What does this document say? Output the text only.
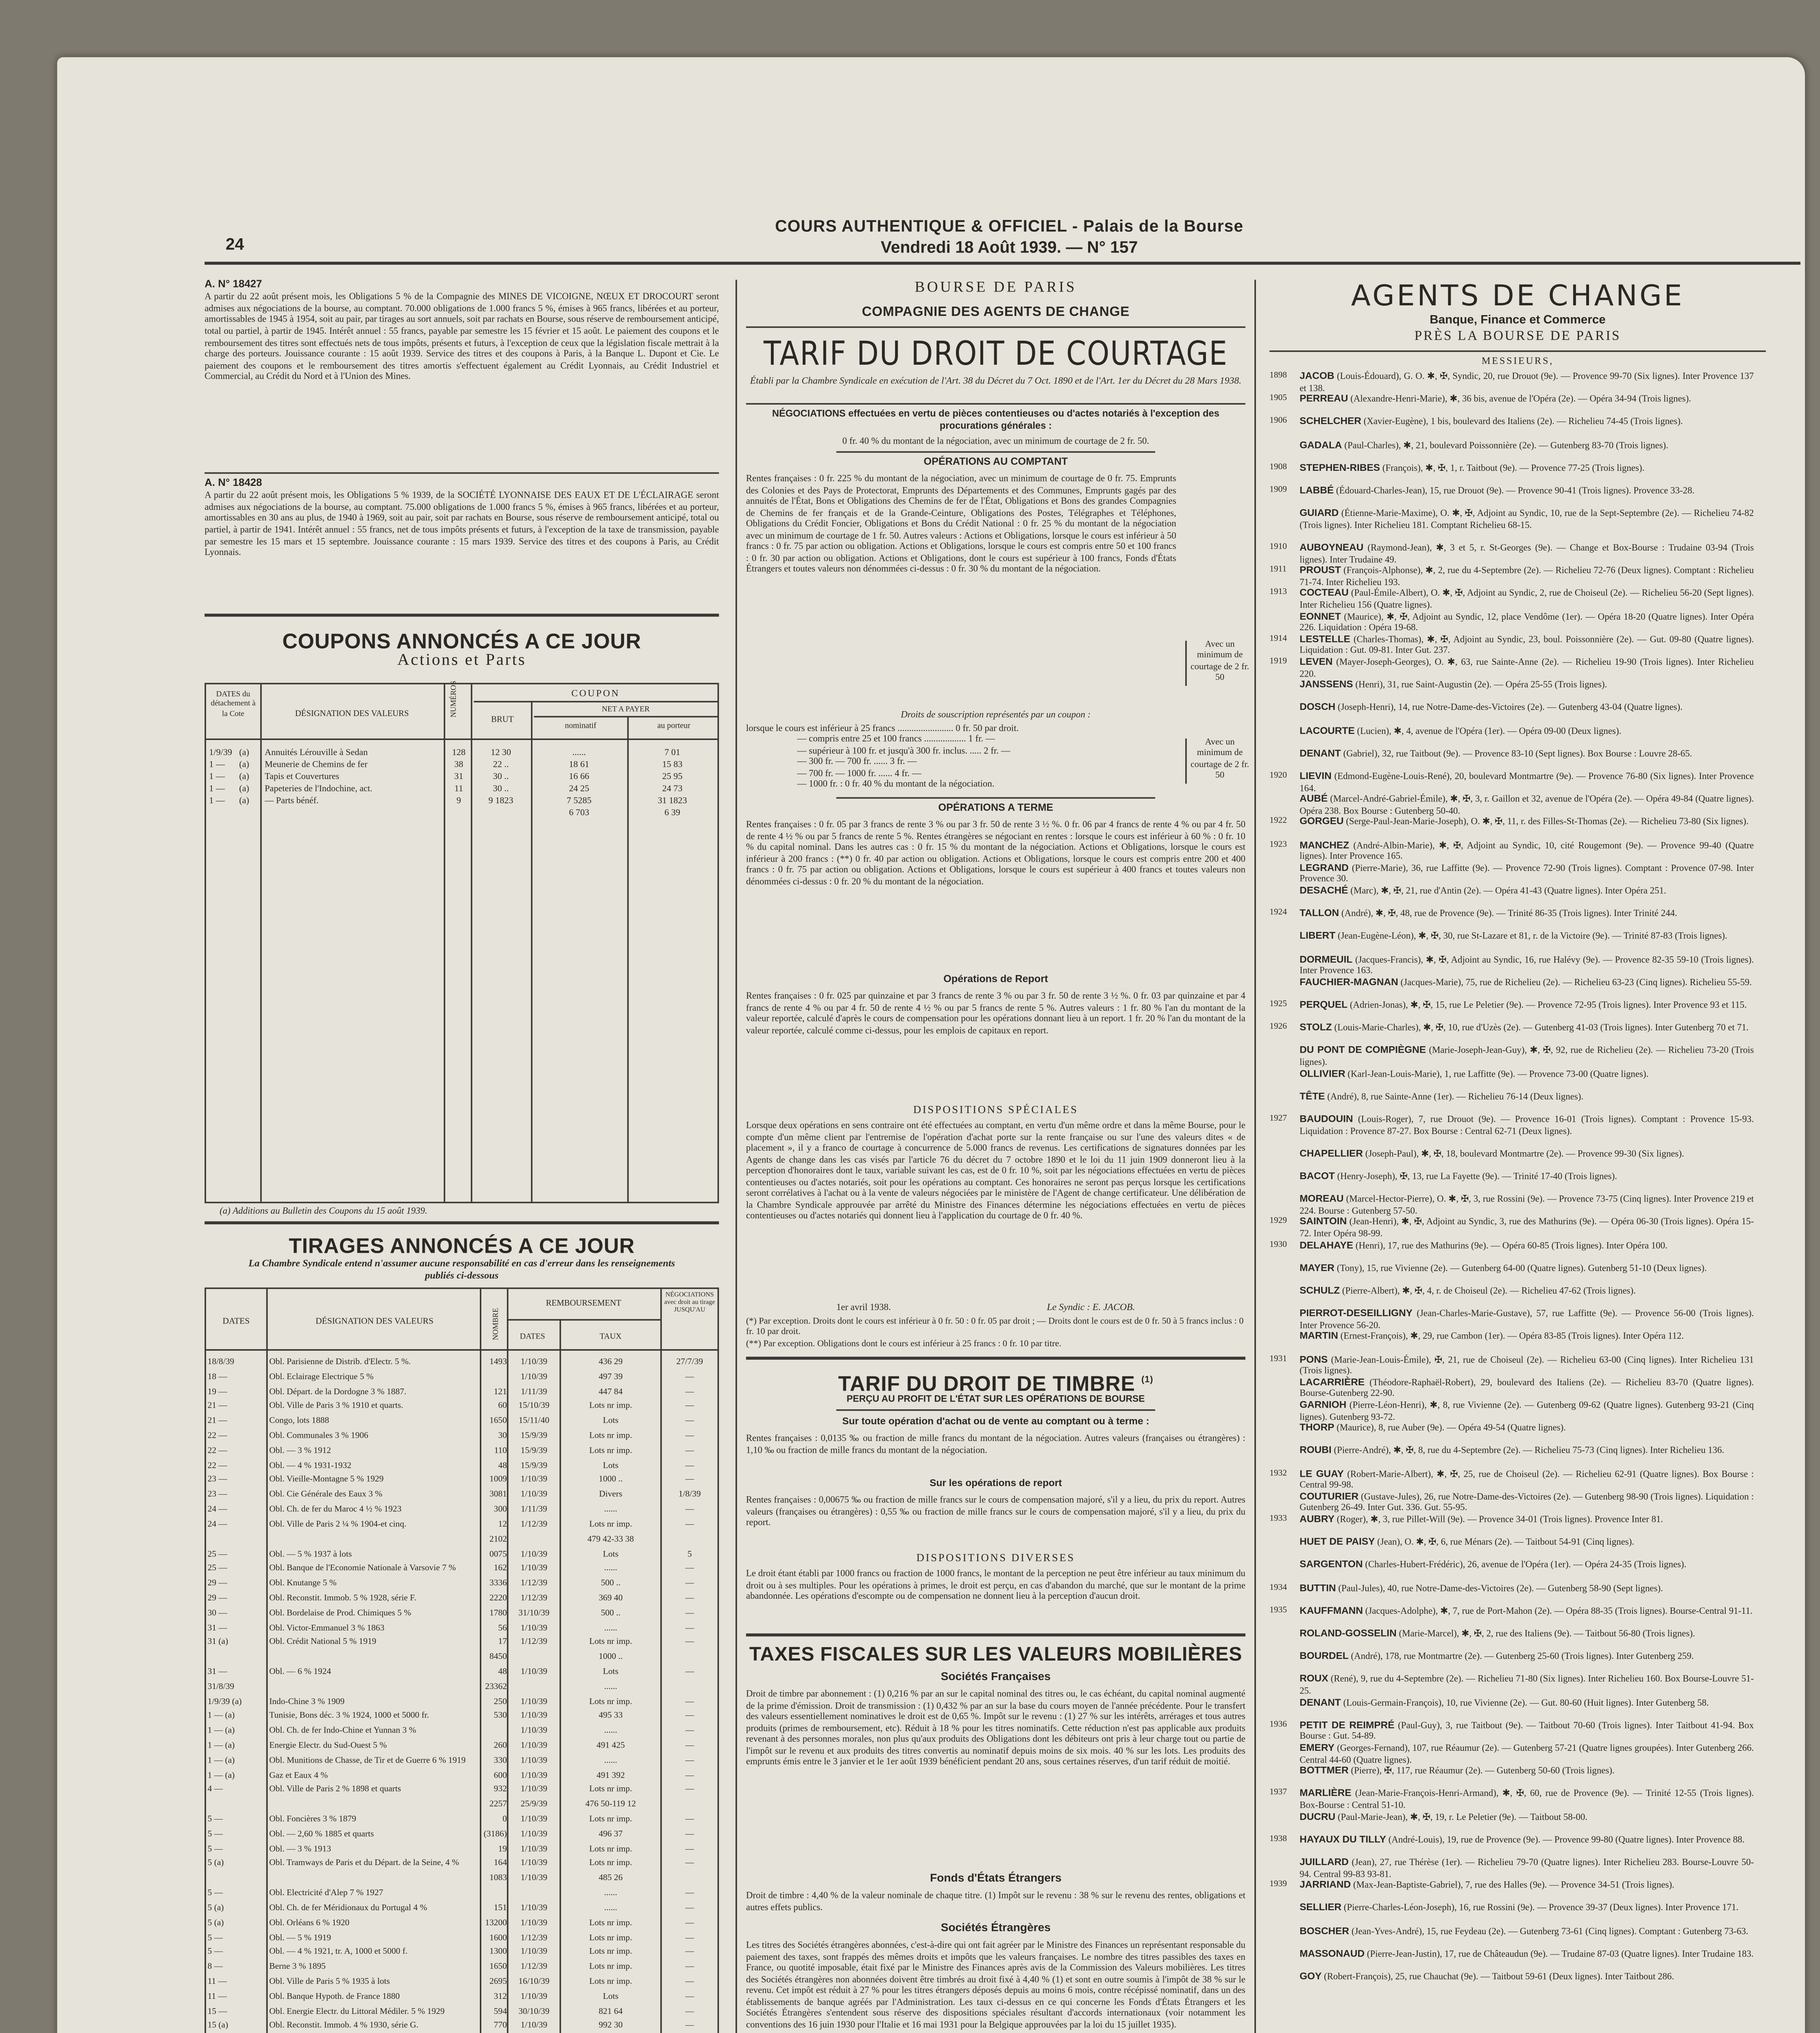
24
COURS AUTHENTIQUE & OFFICIEL - Palais de la Bourse
Vendredi 18 Août 1939. — N° 157
A. N° 18427
A partir du 22 août présent mois, les Obligations 5 % de la Compagnie des MINES DE VICOIGNE, NŒUX ET DROCOURT seront admises aux négociations de la bourse, au comptant. 70.000 obligations de 1.000 francs 5 %, émises à 965 francs, libérées et au porteur, amortissables de 1945 à 1954, soit au pair, par tirages au sort annuels, soit par rachats en Bourse, sous réserve de remboursement anticipé, total ou partiel, à partir de 1945. Intérêt annuel : 55 francs, payable par semestre les 15 février et 15 août. Le paiement des coupons et le remboursement des titres sont effectués nets de tous impôts, présents et futurs, à l'exception de ceux que la législation fiscale mettrait à la charge des porteurs. Jouissance courante : 15 août 1939. Service des titres et des coupons à Paris, à la Banque L. Dupont et Cie. Le paiement des coupons et le remboursement des titres amortis s'effectuent également au Crédit Lyonnais, au Crédit Industriel et Commercial, au Crédit du Nord et à l'Union des Mines.
A. N° 18428
A partir du 22 août présent mois, les Obligations 5 % 1939, de la SOCIÉTÉ LYONNAISE DES EAUX ET DE L'ÉCLAIRAGE seront admises aux négociations de la bourse, au comptant. 75.000 obligations de 1.000 francs 5 %, émises à 965 francs, libérées et au porteur, amortissables en 30 ans au plus, de 1940 à 1969, soit au pair, soit par rachats en Bourse, sous réserve de remboursement anticipé, total ou partiel, à partir de 1941. Intérêt annuel : 55 francs, net de tous impôts présents et futurs, à l'exception de la taxe de transmission, payable par semestre les 15 mars et 15 septembre. Jouissance courante : 15 mars 1939. Service des titres et des coupons à Paris, au Crédit Lyonnais.
COUPONS ANNONCÉS A CE JOUR
Actions et Parts
DATES du détachement à la Cote	DÉSIGNATION DES VALEURS	NUMÉROS	COUPON
BRUT
NET A PAYER
nominatif	au porteur
1/9/39	(a)	Annuités Lérouville à Sedan	128	12 30	......	7 01
1 —	(a)	Meunerie de Chemins de fer	38	22 ..	18 61	15 83
1 —	(a)	Tapis et Couvertures	31	30 ..	16 66	25 95
1 —	(a)	Papeteries de l'Indochine, act.	11	30 ..	24 25	24 73
1 —	(a)	— Parts bénéf.	9	9 1823	7 5285	31 1823
6 703	6 39
(a) Additions au Bulletin des Coupons du 15 août 1939.
TIRAGES ANNONCÉS A CE JOUR
La Chambre Syndicale entend n'assumer aucune responsabilité en cas d'erreur dans les renseignements publiés ci-dessous
DATES	DÉSIGNATION DES VALEURS	NOMBRE
REMBOURSEMENT
DATES	TAUX
NÉGOCIATIONS avec droit au tirage JUSQU'AU
18/8/39	Obl. Parisienne de Distrib. d'Electr. 5 %.	1493	1/10/39	436 29	27/7/39
18 —	Obl. Eclairage Electrique 5 %	1/10/39	497 39	—
19 —	Obl. Départ. de la Dordogne 3 % 1887.	121	1/11/39	447 84	—
21 —	Obl. Ville de Paris 3 % 1910 et quarts.	60	15/10/39	Lots nr imp.	—
21 —	Congo, lots 1888	1650	15/11/40	Lots	—
22 —	Obl. Communales 3 % 1906	30	15/9/39	Lots nr imp.	—
22 —	Obl. — 3 % 1912	110	15/9/39	Lots nr imp.	—
22 —	Obl. — 4 % 1931-1932	48	15/9/39	Lots	—
23 —	Obl. Vieille-Montagne 5 % 1929	1009	1/10/39	1000 ..	—
23 —	Obl. Cie Générale des Eaux 3 %	3081	1/10/39	Divers	1/8/39
24 —	Obl. Ch. de fer du Maroc 4 ½ % 1923	300	1/11/39	......	—
24 —	Obl. Ville de Paris 2 ¼ % 1904-et cinq.	12	1/12/39	Lots nr imp.	—
2102	479 42-33 38
25 —	Obl. — 5 % 1937 à lots	0075	1/10/39	Lots	5
25 —	Obl. Banque de l'Economie Nationale à Varsovie 7 %	162	1/10/39	......	—
29 —	Obl. Knutange 5 %	3336	1/12/39	500 ..	—
29 —	Obl. Reconstit. Immob. 5 % 1928, série F.	2220	1/12/39	369 40	—
30 —	Obl. Bordelaise de Prod. Chimiques 5 %	1780	31/10/39	500 ..	—
31 —	Obl. Victor-Emmanuel 3 % 1863	56	1/10/39	......	—
31 (a)	Obl. Crédit National 5 % 1919	17	1/12/39	Lots nr imp.	—
8450	1000 ..
31 —	Obl. — 6 % 1924	48	1/10/39	Lots	—
31/8/39	23362	......
1/9/39 (a)	Indo-Chine 3 % 1909	250	1/10/39	Lots nr imp.	—
1 — (a)	Tunisie, Bons déc. 3 % 1924, 1000 et 5000 fr.	530	1/10/39	495 33	—
1 — (a)	Obl. Ch. de fer Indo-Chine et Yunnan 3 %	1/10/39	......	—
1 — (a)	Energie Electr. du Sud-Ouest 5 %	260	1/10/39	491 425	—
1 — (a)	Obl. Munitions de Chasse, de Tir et de Guerre 6 % 1919	330	1/10/39	......	—
1 — (a)	Gaz et Eaux 4 %	600	1/10/39	491 392	—
4 —	Obl. Ville de Paris 2 % 1898 et quarts	932	1/10/39	Lots nr imp.	—
2257	25/9/39	476 50-119 12
5 —	Obl. Foncières 3 % 1879	0	1/10/39	Lots nr imp.	—
5 —	Obl. — 2,60 % 1885 et quarts	(3186)	1/10/39	496 37	—
5 —	Obl. — 3 % 1913	19	1/10/39	Lots nr imp.	—
5 (a)	Obl. Tramways de Paris et du Départ. de la Seine, 4 %	164	1/10/39	Lots nr imp.	—
1083	1/10/39	485 26
5 —	Obl. Electricité d'Alep 7 % 1927	......	—
5 (a)	Obl. Ch. de fer Méridionaux du Portugal 4 %	151	1/10/39	......	—
5 (a)	Obl. Orléans 6 % 1920	13200	1/10/39	Lots nr imp.	—
5 —	Obl. — 5 % 1919	1600	1/12/39	Lots nr imp.	—
5 —	Obl. — 4 % 1921, tr. A, 1000 et 5000 f.	1300	1/10/39	Lots nr imp.	—
8 —	Berne 3 % 1895	1650	1/12/39	Lots nr imp.	—
11 —	Obl. Ville de Paris 5 % 1935 à lots	2695	16/10/39	Lots nr imp.	—
11 —	Obl. Banque Hypoth. de France 1880	312	1/10/39	Lots	—
15 —	Obl. Energie Electr. du Littoral Médiler. 5 % 1929	594	30/10/39	821 64	—
15 (a)	Obl. Reconstit. Immob. 4 % 1930, série G.	770	1/10/39	992 30	—
BOURSE DE PARIS
COMPAGNIE DES AGENTS DE CHANGE
TARIF DU DROIT DE COURTAGE
Établi par la Chambre Syndicale en exécution de l'Art. 38 du Décret du 7 Oct. 1890 et de l'Art. 1er du Décret du 28 Mars 1938.
NÉGOCIATIONS effectuées en vertu de pièces contentieuses ou d'actes notariés à l'exception des procurations générales :
0 fr. 40 % du montant de la négociation, avec un minimum de courtage de 2 fr. 50.
OPÉRATIONS AU COMPTANT
Rentes françaises : 0 fr. 225 % du montant de la négociation, avec un minimum de courtage de 0 fr. 75. Emprunts des Colonies et des Pays de Protectorat, Emprunts des Départements et des Communes, Emprunts gagés par des annuités de l'État, Bons et Obligations des Chemins de fer de l'État, Obligations et Bons des grandes Compagnies de Chemins de fer français et de la Grande-Ceinture, Obligations des Postes, Télégraphes et Téléphones, Obligations du Crédit Foncier, Obligations et Bons du Crédit National : 0 fr. 25 % du montant de la négociation avec un minimum de courtage de 1 fr. 50. Autres valeurs : Actions et Obligations, lorsque le cours est inférieur à 50 francs : 0 fr. 75 par action ou obligation. Actions et Obligations, lorsque le cours est compris entre 50 et 100 francs : 0 fr. 30 par action ou obligation. Actions et Obligations, dont le cours est supérieur à 100 francs, Fonds d'États Étrangers et toutes valeurs non dénommées ci-dessus : 0 fr. 30 % du montant de la négociation.
Avec un minimum de courtage de 2 fr. 50
Droits de souscription représentés par un coupon :
lorsque le cours est inférieur à 25 francs ........................ 0 fr. 50 par droit.
— compris entre 25 et 100 francs .................. 1 fr. —
— supérieur à 100 fr. et jusqu'à 300 fr. inclus. ..... 2 fr. —
— 300 fr. — 700 fr. ...... 3 fr. —
— 700 fr. — 1000 fr. ...... 4 fr. —
— 1000 fr. : 0 fr. 40 % du montant de la négociation.
Avec un minimum de courtage de 2 fr. 50
OPÉRATIONS A TERME
Rentes françaises : 0 fr. 05 par 3 francs de rente 3 % ou par 3 fr. 50 de rente 3 ½ %. 0 fr. 06 par 4 francs de rente 4 % ou par 4 fr. 50 de rente 4 ½ % ou par 5 francs de rente 5 %. Rentes étrangères se négociant en rentes : lorsque le cours est inférieur à 60 % : 0 fr. 10 % du capital nominal. Dans les autres cas : 0 fr. 15 % du montant de la négociation. Actions et Obligations, lorsque le cours est inférieur à 200 francs : (**) 0 fr. 40 par action ou obligation. Actions et Obligations, lorsque le cours est compris entre 200 et 400 francs : 0 fr. 75 par action ou obligation. Actions et Obligations, lorsque le cours est supérieur à 400 francs et toutes valeurs non dénommées ci-dessus : 0 fr. 20 % du montant de la négociation.
Opérations de Report
Rentes françaises : 0 fr. 025 par quinzaine et par 3 francs de rente 3 % ou par 3 fr. 50 de rente 3 ½ %. 0 fr. 03 par quinzaine et par 4 francs de rente 4 % ou par 4 fr. 50 de rente 4 ½ % ou par 5 francs de rente 5 %. Autres valeurs : 1 fr. 80 % l'an du montant de la valeur reportée, calculé d'après le cours de compensation pour les opérations donnant lieu à un report. 1 fr. 20 % l'an du montant de la valeur reportée, calculé comme ci-dessus, pour les emplois de capitaux en report.
DISPOSITIONS SPÉCIALES
Lorsque deux opérations en sens contraire ont été effectuées au comptant, en vertu d'un même ordre et dans la même Bourse, pour le compte d'un même client par l'entremise de l'opération d'achat porte sur la rente française ou sur l'une des valeurs dites « de placement », il y a franco de courtage à concurrence de 5.000 francs de revenus. Les certifications de signatures données par les Agents de change dans les cas visés par l'article 76 du décret du 7 octobre 1890 et le loi du 11 juin 1909 donneront lieu à la perception d'honoraires dont le taux, variable suivant les cas, est de 0 fr. 10 %, soit par les négociations effectuées en vertu de pièces contentieuses ou d'actes notariés, soit pour les opérations au comptant. Ces honoraires ne seront pas perçus lorsque les certifications seront corrélatives à l'achat ou à la vente de valeurs négociées par le ministère de l'Agent de change certificateur. Une délibération de la Chambre Syndicale approuvée par arrêté du Ministre des Finances détermine les négociations effectuées en vertu de pièces contentieuses ou d'actes notariés qui donnent lieu à l'application du courtage de 0 fr. 40 %.
Le Syndic : E. JACOB.
1er avril 1938.
(*) Par exception. Droits dont le cours est inférieur à 0 fr. 50 : 0 fr. 05 par droit ; — Droits dont le cours est de 0 fr. 50 à 5 francs inclus : 0 fr. 10 par droit.
(**) Par exception. Obligations dont le cours est inférieur à 25 francs : 0 fr. 10 par titre.
TARIF DU DROIT DE TIMBRE	$^{(1)}$
PERÇU AU PROFIT DE L'ÉTAT SUR LES OPÉRATIONS DE BOURSE
Sur toute opération d'achat ou de vente au comptant ou à terme :
Rentes françaises : 0,0135 ‰ ou fraction de mille francs du montant de la négociation. Autres valeurs (françaises ou étrangères) : 1,10 ‰ ou fraction de mille francs du montant de la négociation.
Sur les opérations de report
Rentes françaises : 0,00675 ‰ ou fraction de mille francs sur le cours de compensation majoré, s'il y a lieu, du prix du report. Autres valeurs (françaises ou étrangères) : 0,55 ‰ ou fraction de mille francs sur le cours de compensation majoré, s'il y a lieu, du prix du report.
DISPOSITIONS DIVERSES
Le droit étant établi par 1000 francs ou fraction de 1000 francs, le montant de la perception ne peut être inférieur au taux minimum du droit ou à ses multiples. Pour les opérations à primes, le droit est perçu, en cas d'abandon du marché, que sur le montant de la prime abandonnée. Les opérations d'escompte ou de compensation ne donnent lieu à la perception d'aucun droit.
TAXES FISCALES SUR LES VALEURS MOBILIÈRES
Sociétés Françaises
Droit de timbre par abonnement : (1) 0,216 % par an sur le capital nominal des titres ou, le cas échéant, du capital nominal augmenté de la prime d'émission. Droit de transmission : (1) 0,432 % par an sur la base du cours moyen de l'année précédente. Pour le transfert des valeurs essentiellement nominatives le droit est de 0,65 %. Impôt sur le revenu : (1) 27 % sur les intérêts, arrérages et tous autres produits (primes de remboursement, etc). Réduit à 18 % pour les titres nominatifs. Cette réduction n'est pas applicable aux produits revenant à des personnes morales, non plus qu'aux produits des Obligations dont les débiteurs ont pris à leur charge tout ou partie de l'impôt sur le revenu et aux produits des titres convertis au nominatif depuis moins de six mois. 40 % sur les lots. Les produits des emprunts émis entre le 3 janvier et le 1er août 1939 bénéficient pendant 20 ans, sous certaines réserves, d'un tarif réduit de moitié.
Fonds d'États Étrangers
Droit de timbre : 4,40 % de la valeur nominale de chaque titre. (1) Impôt sur le revenu : 38 % sur le revenu des rentes, obligations et autres effets publics.
Sociétés Étrangères
Les titres des Sociétés étrangères abonnées, c'est-à-dire qui ont fait agréer par le Ministre des Finances un représentant responsable du paiement des taxes, sont frappés des mêmes droits et impôts que les valeurs françaises. Le nombre des titres passibles des taxes en France, ou quotité imposable, était fixé par le Ministre des Finances après avis de la Commission des Valeurs mobilières. Les titres des Sociétés étrangères non abonnées doivent être timbrés au droit fixé à 4,40 % (1) et sont en outre soumis à l'impôt de 38 % sur le revenu. Cet impôt est réduit à 27 % pour les titres étrangers déposés depuis au moins 6 mois, contre récépissé nominatif, dans un des établissements de banque agréés par l'Administration. Les taux ci-dessus en ce qui concerne les Fonds d'États Étrangers et les Sociétés Étrangères s'entendent sous réserve des dispositions spéciales résultant d'accords internationaux (voir notamment les conventions des 16 juin 1930 pour l'Italie et 16 mai 1931 pour la Belgique approuvées par la loi du 15 juillet 1935).
AGENTS DE CHANGE
Banque, Finance et Commerce
PRÈS LA BOURSE DE PARIS
MESSIEURS,
1898	JACOB (Louis-Édouard), G. O. ✱, ✠, Syndic, 20, rue Drouot (9e). — Provence 99-70 (Six lignes). Inter Provence 137 et 138.
1905	PERREAU (Alexandre-Henri-Marie), ✱, 36 bis, avenue de l'Opéra (2e). — Opéra 34-94 (Trois lignes).
1906	SCHELCHER (Xavier-Eugène), 1 bis, boulevard des Italiens (2e). — Richelieu 74-45 (Trois lignes).
GADALA (Paul-Charles), ✱, 21, boulevard Poissonnière (2e). — Gutenberg 83-70 (Trois lignes).
1908	STEPHEN-RIBES (François), ✱, ✠, 1, r. Taitbout (9e). — Provence 77-25 (Trois lignes).
1909	LABBÉ (Édouard-Charles-Jean), 15, rue Drouot (9e). — Provence 90-41 (Trois lignes). Provence 33-28.
GUIARD (Étienne-Marie-Maxime), O. ✱, ✠, Adjoint au Syndic, 10, rue de la Sept-Septembre (2e). — Richelieu 74-82 (Trois lignes). Inter Richelieu 181. Comptant Richelieu 68-15.
1910	AUBOYNEAU (Raymond-Jean), ✱, 3 et 5, r. St-Georges (9e). — Change et Box-Bourse : Trudaine 03-94 (Trois lignes). Inter Trudaine 49.
1911	PROUST (François-Alphonse), ✱, 2, rue du 4-Septembre (2e). — Richelieu 72-76 (Deux lignes). Comptant : Richelieu 71-74. Inter Richelieu 193.
1913	COCTEAU (Paul-Émile-Albert), O. ✱, ✠, Adjoint au Syndic, 2, rue de Choiseul (2e). — Richelieu 56-20 (Sept lignes). Inter Richelieu 156 (Quatre lignes).
EONNET (Maurice), ✱, ✠, Adjoint au Syndic, 12, place Vendôme (1er). — Opéra 18-20 (Quatre lignes). Inter Opéra 226. Liquidation : Opéra 19-68.
1914	LESTELLE (Charles-Thomas), ✱, ✠, Adjoint au Syndic, 23, boul. Poissonnière (2e). — Gut. 09-80 (Quatre lignes). Liquidation : Gut. 09-81. Inter Gut. 237.
1919	LEVEN (Mayer-Joseph-Georges), O. ✱, 63, rue Sainte-Anne (2e). — Richelieu 19-90 (Trois lignes). Inter Richelieu 220.
JANSSENS (Henri), 31, rue Saint-Augustin (2e). — Opéra 25-55 (Trois lignes).
DOSCH (Joseph-Henri), 14, rue Notre-Dame-des-Victoires (2e). — Gutenberg 43-04 (Quatre lignes).
LACOURTE (Lucien), ✱, 4, avenue de l'Opéra (1er). — Opéra 09-00 (Deux lignes).
DENANT (Gabriel), 32, rue Taitbout (9e). — Provence 83-10 (Sept lignes). Box Bourse : Louvre 28-65.
1920	LIEVIN (Edmond-Eugène-Louis-René), 20, boulevard Montmartre (9e). — Provence 76-80 (Six lignes). Inter Provence 164.
AUBÉ (Marcel-André-Gabriel-Émile), ✱, ✠, 3, r. Gaillon et 32, avenue de l'Opéra (2e). — Opéra 49-84 (Quatre lignes). Opéra 238. Box Bourse : Gutenberg 50-40.
1922	GORGEU (Serge-Paul-Jean-Marie-Joseph), O. ✱, ✠, 11, r. des Filles-St-Thomas (2e). — Richelieu 73-80 (Six lignes).
1923	MANCHEZ (André-Albin-Marie), ✱, ✠, Adjoint au Syndic, 10, cité Rougemont (9e). — Provence 99-40 (Quatre lignes). Inter Provence 165.
LEGRAND (Pierre-Marie), 36, rue Laffitte (9e). — Provence 72-90 (Trois lignes). Comptant : Provence 07-98. Inter Provence 30.
DESACHÉ (Marc), ✱, ✠, 21, rue d'Antin (2e). — Opéra 41-43 (Quatre lignes). Inter Opéra 251.
1924	TALLON (André), ✱, ✠, 48, rue de Provence (9e). — Trinité 86-35 (Trois lignes). Inter Trinité 244.
LIBERT (Jean-Eugène-Léon), ✱, ✠, 30, rue St-Lazare et 81, r. de la Victoire (9e). — Trinité 87-83 (Trois lignes).
DORMEUIL (Jacques-Francis), ✱, ✠, Adjoint au Syndic, 16, rue Halévy (9e). — Provence 82-35 59-10 (Trois lignes). Inter Provence 163.
FAUCHIER-MAGNAN (Jacques-Marie), 75, rue de Richelieu (2e). — Richelieu 63-23 (Cinq lignes). Richelieu 55-59.
1925	PERQUEL (Adrien-Jonas), ✱, ✠, 15, rue Le Peletier (9e). — Provence 72-95 (Trois lignes). Inter Provence 93 et 115.
1926	STOLZ (Louis-Marie-Charles), ✱, ✠, 10, rue d'Uzès (2e). — Gutenberg 41-03 (Trois lignes). Inter Gutenberg 70 et 71.
DU PONT DE COMPIÈGNE (Marie-Joseph-Jean-Guy), ✱, ✠, 92, rue de Richelieu (2e). — Richelieu 73-20 (Trois lignes).
OLLIVIER (Karl-Jean-Louis-Marie), 1, rue Laffitte (9e). — Provence 73-00 (Quatre lignes).
TÊTE (André), 8, rue Sainte-Anne (1er). — Richelieu 76-14 (Deux lignes).
1927	BAUDOUIN (Louis-Roger), 7, rue Drouot (9e). — Provence 16-01 (Trois lignes). Comptant : Provence 15-93. Liquidation : Provence 87-27. Box Bourse : Central 62-71 (Deux lignes).
CHAPELLIER (Joseph-Paul), ✱, ✠, 18, boulevard Montmartre (2e). — Provence 99-30 (Six lignes).
BACOT (Henry-Joseph), ✠, 13, rue La Fayette (9e). — Trinité 17-40 (Trois lignes).
MOREAU (Marcel-Hector-Pierre), O. ✱, ✠, 3, rue Rossini (9e). — Provence 73-75 (Cinq lignes). Inter Provence 219 et 224. Bourse : Gutenberg 57-50.
1929	SAINTOIN (Jean-Henri), ✱, ✠, Adjoint au Syndic, 3, rue des Mathurins (9e). — Opéra 06-30 (Trois lignes). Opéra 15-72. Inter Opéra 98-99.
1930	DELAHAYE (Henri), 17, rue des Mathurins (9e). — Opéra 60-85 (Trois lignes). Inter Opéra 100.
MAYER (Tony), 15, rue Vivienne (2e). — Gutenberg 64-00 (Quatre lignes). Gutenberg 51-10 (Deux lignes).
SCHULZ (Pierre-Albert), ✱, ✠, 4, r. de Choiseul (2e). — Richelieu 47-62 (Trois lignes).
PIERROT-DESEILLIGNY (Jean-Charles-Marie-Gustave), 57, rue Laffitte (9e). — Provence 56-00 (Trois lignes). Inter Provence 56-20.
MARTIN (Ernest-François), ✱, 29, rue Cambon (1er). — Opéra 83-85 (Trois lignes). Inter Opéra 112.
1931	PONS (Marie-Jean-Louis-Émile), ✠, 21, rue de Choiseul (2e). — Richelieu 63-00 (Cinq lignes). Inter Richelieu 131 (Trois lignes).
LACARRIÈRE (Théodore-Raphaël-Robert), 29, boulevard des Italiens (2e). — Richelieu 83-70 (Quatre lignes). Bourse-Gutenberg 22-90.
GARNIOH (Pierre-Léon-Henri), ✱, 8, rue Vivienne (2e). — Gutenberg 09-62 (Quatre lignes). Gutenberg 93-21 (Cinq lignes). Gutenberg 93-72.
THORP (Maurice), 8, rue Auber (9e). — Opéra 49-54 (Quatre lignes).
ROUBI (Pierre-André), ✱, ✠, 8, rue du 4-Septembre (2e). — Richelieu 75-73 (Cinq lignes). Inter Richelieu 136.
1932	LE GUAY (Robert-Marie-Albert), ✱, ✠, 25, rue de Choiseul (2e). — Richelieu 62-91 (Quatre lignes). Box Bourse : Central 99-98.
COUTURIER (Gustave-Jules), 26, rue Notre-Dame-des-Victoires (2e). — Gutenberg 98-90 (Trois lignes). Liquidation : Gutenberg 26-49. Inter Gut. 336. Gut. 55-95.
1933	AUBRY (Roger), ✱, 3, rue Pillet-Will (9e). — Provence 34-01 (Trois lignes). Provence Inter 81.
HUET DE PAISY (Jean), O. ✱, ✠, 6, rue Ménars (2e). — Taitbout 54-91 (Cinq lignes).
SARGENTON (Charles-Hubert-Frédéric), 26, avenue de l'Opéra (1er). — Opéra 24-35 (Trois lignes).
1934	BUTTIN (Paul-Jules), 40, rue Notre-Dame-des-Victoires (2e). — Gutenberg 58-90 (Sept lignes).
1935	KAUFFMANN (Jacques-Adolphe), ✱, 7, rue de Port-Mahon (2e). — Opéra 88-35 (Trois lignes). Bourse-Central 91-11.
ROLAND-GOSSELIN (Marie-Marcel), ✱, ✠, 2, rue des Italiens (9e). — Taitbout 56-80 (Trois lignes).
BOURDEL (André), 178, rue Montmartre (2e). — Gutenberg 25-60 (Trois lignes). Inter Gutenberg 259.
ROUX (René), 9, rue du 4-Septembre (2e). — Richelieu 71-80 (Six lignes). Inter Richelieu 160. Box Bourse-Louvre 51-25.
DENANT (Louis-Germain-François), 10, rue Vivienne (2e). — Gut. 80-60 (Huit lignes). Inter Gutenberg 58.
1936	PETIT DE REIMPRÉ (Paul-Guy), 3, rue Taitbout (9e). — Taitbout 70-60 (Trois lignes). Inter Taitbout 41-94. Box Bourse : Gut. 54-89.
EMERY (Georges-Fernand), 107, rue Réaumur (2e). — Gutenberg 57-21 (Quatre lignes groupées). Inter Gutenberg 266. Central 44-60 (Quatre lignes).
BOTTMER (Pierre), ✠, 117, rue Réaumur (2e). — Gutenberg 50-60 (Trois lignes).
1937	MARLIÈRE (Jean-Marie-François-Henri-Armand), ✱, ✠, 60, rue de Provence (9e). — Trinité 12-55 (Trois lignes). Box-Bourse : Central 51-10.
DUCRU (Paul-Marie-Jean), ✱, ✠, 19, r. Le Peletier (9e). — Taitbout 58-00.
1938	HAYAUX DU TILLY (André-Louis), 19, rue de Provence (9e). — Provence 99-80 (Quatre lignes). Inter Provence 88.
JUILLARD (Jean), 27, rue Thérèse (1er). — Richelieu 79-70 (Quatre lignes). Inter Richelieu 283. Bourse-Louvre 50-94. Central 99-83 93-81.
1939	JARRIAND (Max-Jean-Baptiste-Gabriel), 7, rue des Halles (9e). — Provence 34-51 (Trois lignes).
SELLIER (Pierre-Charles-Léon-Joseph), 16, rue Rossini (9e). — Provence 39-37 (Deux lignes). Inter Provence 171.
BOSCHER (Jean-Yves-André), 15, rue Feydeau (2e). — Gutenberg 73-61 (Cinq lignes). Comptant : Gutenberg 73-63.
MASSONAUD (Pierre-Jean-Justin), 17, rue de Châteaudun (9e). — Trudaine 87-03 (Quatre lignes). Inter Trudaine 183.
GOY (Robert-François), 25, rue Chauchat (9e). — Taitbout 59-61 (Deux lignes). Inter Taitbout 286.
